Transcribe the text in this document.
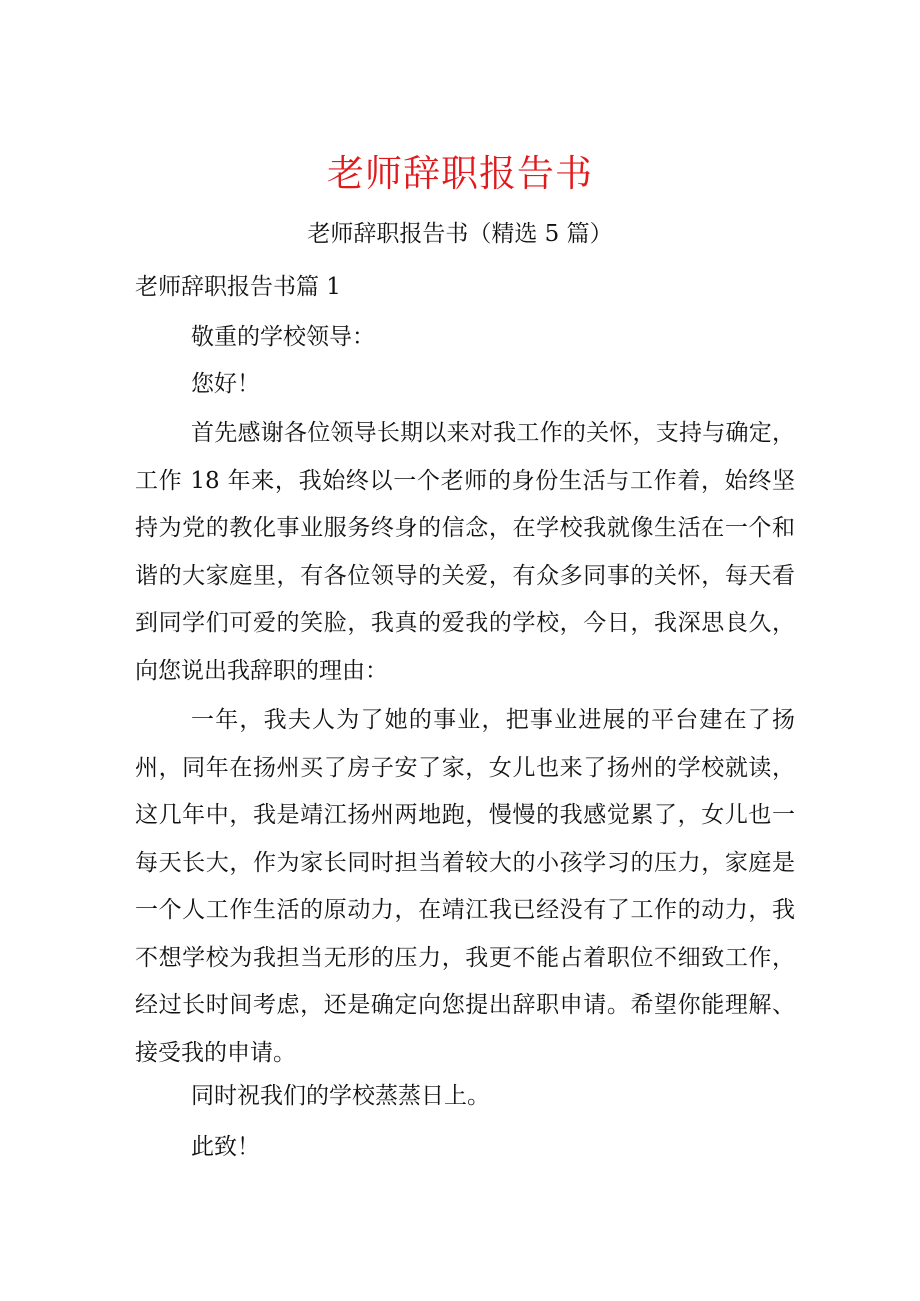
老师辞职报告书
老师辞职报告书（精选 5 篇）
老师辞职报告书篇 1
敬重的学校领导：
您好！
首先感谢各位领导长期以来对我工作的关怀，支持与确定，工作 18 年来，我始终以一个老师的身份生活与工作着，始终坚持为党的教化事业服务终身的信念，在学校我就像生活在一个和谐的大家庭里，有各位领导的关爱，有众多同事的关怀，每天看到同学们可爱的笑脸，我真的爱我的学校，今日，我深思良久，向您说出我辞职的理由：
一年，我夫人为了她的事业，把事业进展的平台建在了扬州，同年在扬州买了房子安了家，女儿也来了扬州的学校就读，这几年中，我是靖江扬州两地跑，慢慢的我感觉累了，女儿也一每天长大，作为家长同时担当着较大的小孩学习的压力，家庭是一个人工作生活的原动力，在靖江我已经没有了工作的动力，我不想学校为我担当无形的压力，我更不能占着职位不细致工作，经过长时间考虑，还是确定向您提出辞职申请。希望你能理解、接受我的申请。
同时祝我们的学校蒸蒸日上。
此致！
